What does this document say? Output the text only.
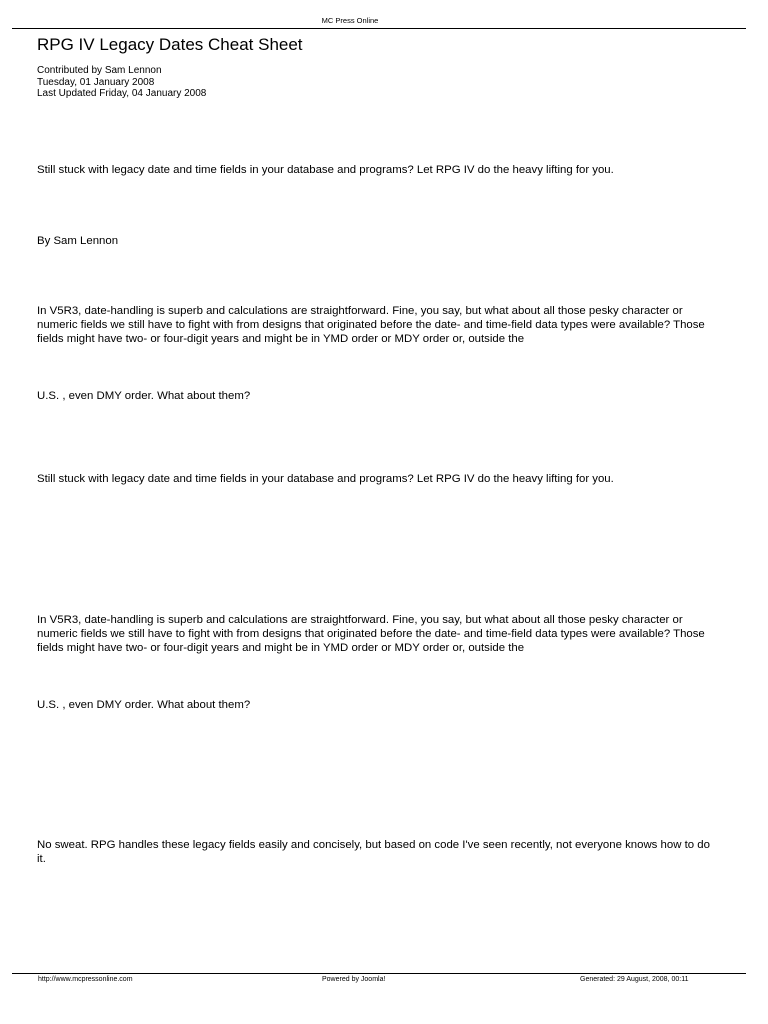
MC Press Online
RPG IV Legacy Dates Cheat Sheet
Contributed by Sam Lennon
Tuesday, 01 January 2008
Last Updated Friday, 04 January 2008
Still stuck with legacy date and time fields in your database and programs? Let RPG IV do the heavy lifting for you.
By Sam Lennon
In V5R3, date-handling is superb and calculations are straightforward. Fine, you say, but what about all those pesky character or numeric fields we still have to fight with from designs that originated before the date- and time-field data types were available? Those fields might have two- or four-digit years and might be in YMD order or MDY order or, outside the
U.S. , even DMY order. What about them?
Still stuck with legacy date and time fields in your database and programs? Let RPG IV do the heavy lifting for you.
In V5R3, date-handling is superb and calculations are straightforward. Fine, you say, but what about all those pesky character or numeric fields we still have to fight with from designs that originated before the date- and time-field data types were available? Those fields might have two- or four-digit years and might be in YMD order or MDY order or, outside the
U.S. , even DMY order. What about them?
No sweat. RPG handles these legacy fields easily and concisely, but based on code I've seen recently, not everyone knows how to do it.
http://www.mcpressonline.com	Powered by Joomla!	Generated: 29 August, 2008, 00:11
